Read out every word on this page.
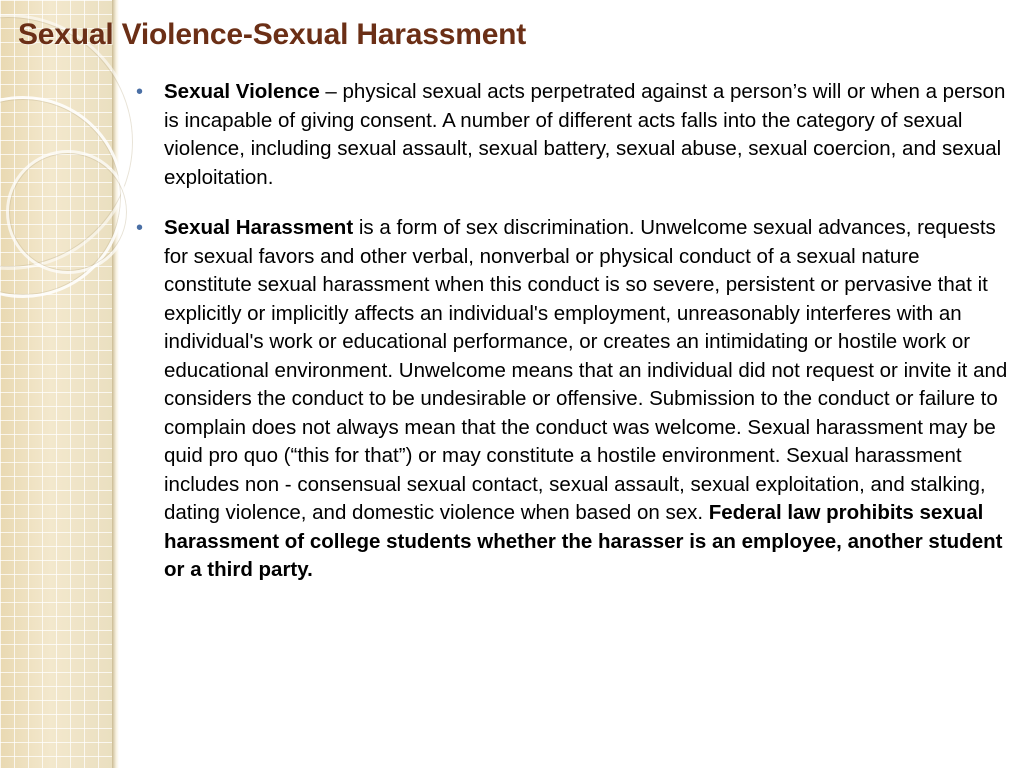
Sexual Violence-Sexual Harassment
•	Sexual Violence – physical sexual acts perpetrated against a person’s will or when a person is incapable of giving consent. A number of different acts falls into the category of sexual violence, including sexual assault, sexual battery, sexual abuse, sexual coercion, and sexual exploitation.
•	Sexual Harassment is a form of sex discrimination. Unwelcome sexual advances, requests for sexual favors and other verbal, nonverbal or physical conduct of a sexual nature constitute sexual harassment when this conduct is so severe, persistent or pervasive that it explicitly or implicitly affects an individual's employment, unreasonably interferes with an individual's work or educational performance, or creates an intimidating or hostile work or educational environment. Unwelcome means that an individual did not request or invite it and considers the conduct to be undesirable or offensive. Submission to the conduct or failure to complain does not always mean that the conduct was welcome. Sexual harassment may be quid pro quo (“this for that”) or may constitute a hostile environment. Sexual harassment includes non - consensual sexual contact, sexual assault, sexual exploitation, and stalking, dating violence, and domestic violence when based on sex. Federal law prohibits sexual harassment of college students whether the harasser is an employee, another student or a third party.
